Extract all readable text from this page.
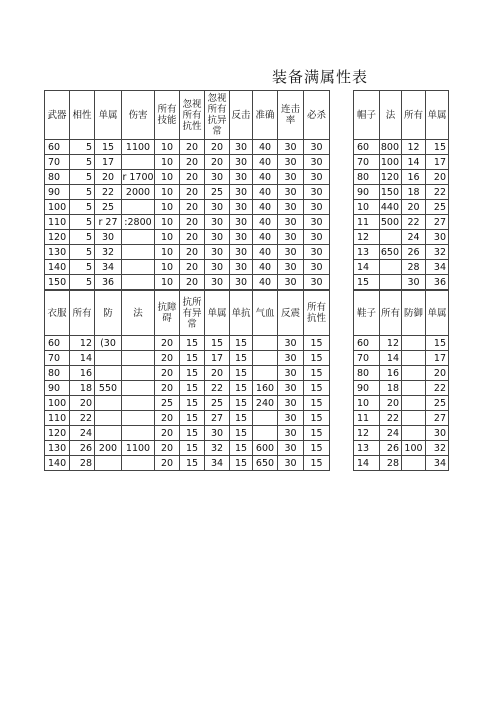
装备满属性表
武器	相性	单属	伤害	所有技能	忽视所有抗性	忽视所有抗异常	反击	准确	连击率	必杀		帽子	法	所有	单属
60	5	15	1100	10	20	20	30	40	30	30		60	800	12	15
70	5	17		10	20	20	30	40	30	30		70	100	14	17
80	5	20	r 1700	10	20	30	30	40	30	30		80	120	16	20
90	5	22	2000	10	20	25	30	40	30	30		90	150	18	22
100	5	25		10	20	30	30	40	30	30		10	440	20	25
110	5	r 27	:2800	10	20	30	30	40	30	30		11	500	22	27
120	5	30		10	20	30	30	40	30	30		12		24	30
130	5	32		10	20	30	30	40	30	30		13	650	26	32
140	5	34		10	20	30	30	40	30	30		14		28	34
150	5	36		10	20	30	30	40	30	30		15		30	36
衣服	所有	防	法	抗障碍	抗所有异常	单属	单抗	气血	反震	所有抗性		鞋子	所有	防御	单属
60	12	(30		20	15	15	15		30	15		60	12		15
70	14			20	15	17	15		30	15		70	14		17
80	16			20	15	20	15		30	15		80	16		20
90	18	550		20	15	22	15	160	30	15		90	18		22
100	20			25	15	25	15	240	30	15		10	20		25
110	22			20	15	27	15		30	15		11	22		27
120	24			20	15	30	15		30	15		12	24		30
130	26	200	1100	20	15	32	15	600	30	15		13	26	100	32
140	28			20	15	34	15	650	30	15		14	28		34
